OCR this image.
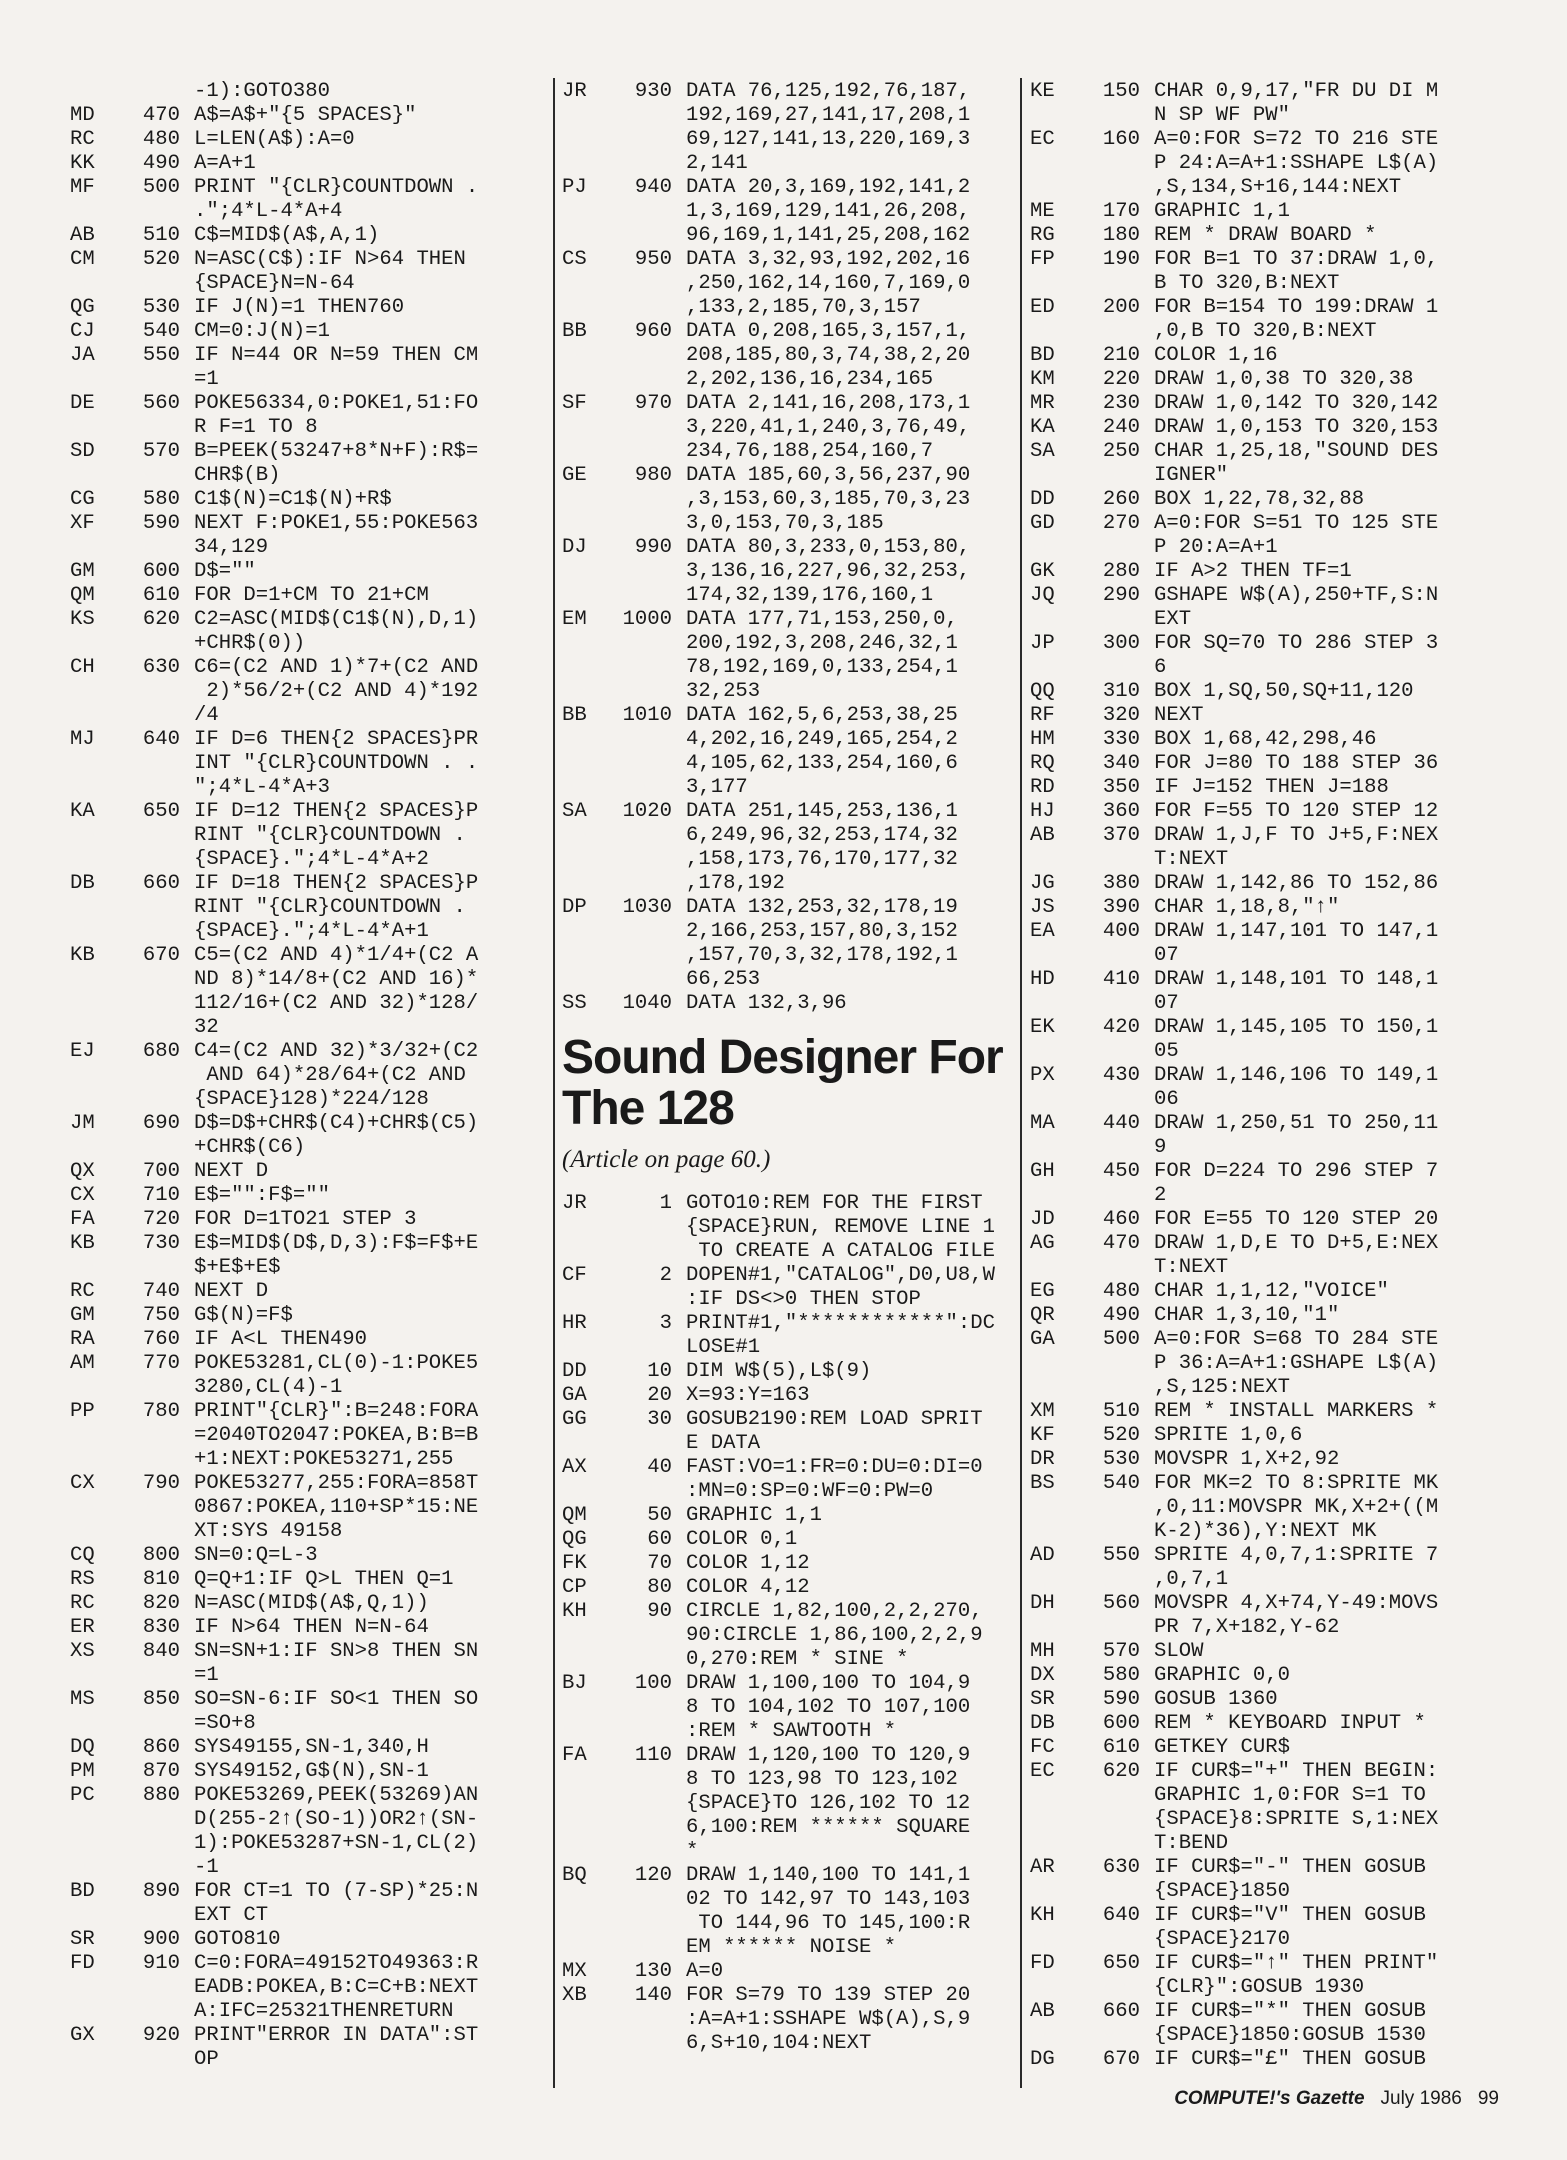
-1):GOTO380
MD	470 A$=A$+"{5 SPACES}"
RC	480 L=LEN(A$):A=0
KK	490 A=A+1
MF	500 PRINT "{CLR}COUNTDOWN .
.";4*L-4*A+4
AB	510 C$=MID$(A$,A,1)
CM	520 N=ASC(C$):IF N>64 THEN
{SPACE}N=N-64
QG	530 IF J(N)=1 THEN760
CJ	540 CM=0:J(N)=1
JA	550 IF N=44 OR N=59 THEN CM
=1
DE	560 POKE56334,0:POKE1,51:FO
R F=1 TO 8
SD	570 B=PEEK(53247+8*N+F):R$=
CHR$(B)
CG	580 C1$(N)=C1$(N)+R$
XF	590 NEXT F:POKE1,55:POKE563
34,129
GM	600 D$=""
QM	610 FOR D=1+CM TO 21+CM
KS	620 C2=ASC(MID$(C1$(N),D,1)
+CHR$(0))
CH	630 C6=(C2 AND 1)*7+(C2 AND
2)*56/2+(C2 AND 4)*192
/4
MJ	640 IF D=6 THEN{2 SPACES}PR
INT "{CLR}COUNTDOWN . .
";4*L-4*A+3
KA	650 IF D=12 THEN{2 SPACES}P
RINT "{CLR}COUNTDOWN .
{SPACE}.";4*L-4*A+2
DB	660 IF D=18 THEN{2 SPACES}P
RINT "{CLR}COUNTDOWN .
{SPACE}.";4*L-4*A+1
KB	670 C5=(C2 AND 4)*1/4+(C2 A
ND 8)*14/8+(C2 AND 16)*
112/16+(C2 AND 32)*128/
32
EJ	680 C4=(C2 AND 32)*3/32+(C2
AND 64)*28/64+(C2 AND
{SPACE}128)*224/128
JM	690 D$=D$+CHR$(C4)+CHR$(C5)
+CHR$(C6)
QX	700 NEXT D
CX	710 E$="":F$=""
FA	720 FOR D=1TO21 STEP 3
KB	730 E$=MID$(D$,D,3):F$=F$+E
$+E$+E$
RC	740 NEXT D
GM	750 G$(N)=F$
RA	760 IF A<L THEN490
AM	770 POKE53281,CL(0)-1:POKE5
3280,CL(4)-1
PP	780 PRINT"{CLR}":B=248:FORA
=2040TO2047:POKEA,B:B=B
+1:NEXT:POKE53271,255
CX	790 POKE53277,255:FORA=858T
0867:POKEA,110+SP*15:NE
XT:SYS 49158
CQ	800 SN=0:Q=L-3
RS	810 Q=Q+1:IF Q>L THEN Q=1
RC	820 N=ASC(MID$(A$,Q,1))
ER	830 IF N>64 THEN N=N-64
XS	840 SN=SN+1:IF SN>8 THEN SN
=1
MS	850 SO=SN-6:IF SO<1 THEN SO
=SO+8
DQ	860 SYS49155,SN-1,340,H
PM	870 SYS49152,G$(N),SN-1
PC	880 POKE53269,PEEK(53269)AN
D(255-2↑(SO-1))OR2↑(SN-
1):POKE53287+SN-1,CL(2)
-1
BD	890 FOR CT=1 TO (7-SP)*25:N
EXT CT
SR	900 GOTO810
FD	910 C=0:FORA=49152TO49363:R
EADB:POKEA,B:C=C+B:NEXT
A:IFC=25321THENRETURN
GX	920 PRINT"ERROR IN DATA":ST
OP
JR	930 DATA 76,125,192,76,187,
192,169,27,141,17,208,1
69,127,141,13,220,169,3
2,141
PJ	940 DATA 20,3,169,192,141,2
1,3,169,129,141,26,208,
96,169,1,141,25,208,162
CS	950 DATA 3,32,93,192,202,16
,250,162,14,160,7,169,0
,133,2,185,70,3,157
BB	960 DATA 0,208,165,3,157,1,
208,185,80,3,74,38,2,20
2,202,136,16,234,165
SF	970 DATA 2,141,16,208,173,1
3,220,41,1,240,3,76,49,
234,76,188,254,160,7
GE	980 DATA 185,60,3,56,237,90
,3,153,60,3,185,70,3,23
3,0,153,70,3,185
DJ	990 DATA 80,3,233,0,153,80,
3,136,16,227,96,32,253,
174,32,139,176,160,1
EM	1000 DATA 177,71,153,250,0,
200,192,3,208,246,32,1
78,192,169,0,133,254,1
32,253
BB	1010 DATA 162,5,6,253,38,25
4,202,16,249,165,254,2
4,105,62,133,254,160,6
3,177
SA	1020 DATA 251,145,253,136,1
6,249,96,32,253,174,32
,158,173,76,170,177,32
,178,192
DP	1030 DATA 132,253,32,178,19
2,166,253,157,80,3,152
,157,70,3,32,178,192,1
66,253
SS	1040 DATA 132,3,96
Sound Designer For
The 128
(Article on page 60.)
JR	1 GOTO10:REM FOR THE FIRST
{SPACE}RUN, REMOVE LINE 1
TO CREATE A CATALOG FILE
CF	2 DOPEN#1,"CATALOG",D0,U8,W
:IF DS<>0 THEN STOP
HR	3 PRINT#1,"************":DC
LOSE#1
DD	10 DIM W$(5),L$(9)
GA	20 X=93:Y=163
GG	30 GOSUB2190:REM LOAD SPRIT
E DATA
AX	40 FAST:VO=1:FR=0:DU=0:DI=0
:MN=0:SP=0:WF=0:PW=0
QM	50 GRAPHIC 1,1
QG	60 COLOR 0,1
FK	70 COLOR 1,12
CP	80 COLOR 4,12
KH	90 CIRCLE 1,82,100,2,2,270,
90:CIRCLE 1,86,100,2,2,9
0,270:REM * SINE *
BJ	100 DRAW 1,100,100 TO 104,9
8 TO 104,102 TO 107,100
:REM * SAWTOOTH *
FA	110 DRAW 1,120,100 TO 120,9
8 TO 123,98 TO 123,102
{SPACE}TO 126,102 TO 12
6,100:REM ****** SQUARE
*
BQ	120 DRAW 1,140,100 TO 141,1
02 TO 142,97 TO 143,103
TO 144,96 TO 145,100:R
EM ****** NOISE *
MX	130 A=0
XB	140 FOR S=79 TO 139 STEP 20
:A=A+1:SSHAPE W$(A),S,9
6,S+10,104:NEXT
KE	150 CHAR 0,9,17,"FR DU DI M
N SP WF PW"
EC	160 A=0:FOR S=72 TO 216 STE
P 24:A=A+1:SSHAPE L$(A)
,S,134,S+16,144:NEXT
ME	170 GRAPHIC 1,1
RG	180 REM * DRAW BOARD *
FP	190 FOR B=1 TO 37:DRAW 1,0,
B TO 320,B:NEXT
ED	200 FOR B=154 TO 199:DRAW 1
,0,B TO 320,B:NEXT
BD	210 COLOR 1,16
KM	220 DRAW 1,0,38 TO 320,38
MR	230 DRAW 1,0,142 TO 320,142
KA	240 DRAW 1,0,153 TO 320,153
SA	250 CHAR 1,25,18,"SOUND DES
IGNER"
DD	260 BOX 1,22,78,32,88
GD	270 A=0:FOR S=51 TO 125 STE
P 20:A=A+1
GK	280 IF A>2 THEN TF=1
JQ	290 GSHAPE W$(A),250+TF,S:N
EXT
JP	300 FOR SQ=70 TO 286 STEP 3
6
QQ	310 BOX 1,SQ,50,SQ+11,120
RF	320 NEXT
HM	330 BOX 1,68,42,298,46
RQ	340 FOR J=80 TO 188 STEP 36
RD	350 IF J=152 THEN J=188
HJ	360 FOR F=55 TO 120 STEP 12
AB	370 DRAW 1,J,F TO J+5,F:NEX
T:NEXT
JG	380 DRAW 1,142,86 TO 152,86
JS	390 CHAR 1,18,8,"↑"
EA	400 DRAW 1,147,101 TO 147,1
07
HD	410 DRAW 1,148,101 TO 148,1
07
EK	420 DRAW 1,145,105 TO 150,1
05
PX	430 DRAW 1,146,106 TO 149,1
06
MA	440 DRAW 1,250,51 TO 250,11
9
GH	450 FOR D=224 TO 296 STEP 7
2
JD	460 FOR E=55 TO 120 STEP 20
AG	470 DRAW 1,D,E TO D+5,E:NEX
T:NEXT
EG	480 CHAR 1,1,12,"VOICE"
QR	490 CHAR 1,3,10,"1"
GA	500 A=0:FOR S=68 TO 284 STE
P 36:A=A+1:GSHAPE L$(A)
,S,125:NEXT
XM	510 REM * INSTALL MARKERS *
KF	520 SPRITE 1,0,6
DR	530 MOVSPR 1,X+2,92
BS	540 FOR MK=2 TO 8:SPRITE MK
,0,11:MOVSPR MK,X+2+((M
K-2)*36),Y:NEXT MK
AD	550 SPRITE 4,0,7,1:SPRITE 7
,0,7,1
DH	560 MOVSPR 4,X+74,Y-49:MOVS
PR 7,X+182,Y-62
MH	570 SLOW
DX	580 GRAPHIC 0,0
SR	590 GOSUB 1360
DB	600 REM * KEYBOARD INPUT *
FC	610 GETKEY CUR$
EC	620 IF CUR$="+" THEN BEGIN:
GRAPHIC 1,0:FOR S=1 TO
{SPACE}8:SPRITE S,1:NEX
T:BEND
AR	630 IF CUR$="-" THEN GOSUB
{SPACE}1850
KH	640 IF CUR$="V" THEN GOSUB
{SPACE}2170
FD	650 IF CUR$="↑" THEN PRINT"
{CLR}":GOSUB 1930
AB	660 IF CUR$="*" THEN GOSUB
{SPACE}1850:GOSUB 1530
DG	670 IF CUR$="£" THEN GOSUB
COMPUTE!'s Gazette July 1986 99
